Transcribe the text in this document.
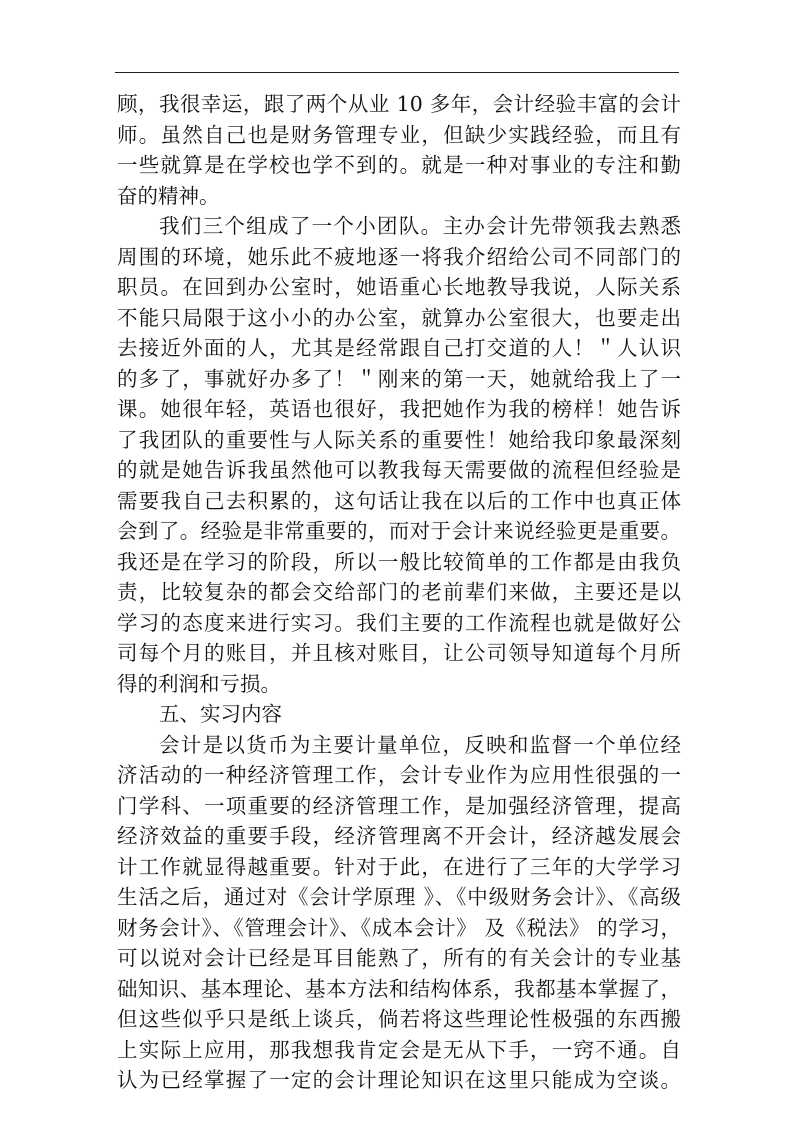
顾，我很幸运，跟了两个从业 10 多年，会计经验丰富的会计
师。虽然自己也是财务管理专业，但缺少实践经验，而且有
一些就算是在学校也学不到的。就是一种对事业的专注和勤
奋的精神。
我们三个组成了一个小团队。主办会计先带领我去熟悉
周围的环境，她乐此不疲地逐一将我介绍给公司不同部门的
职员。在回到办公室时，她语重心长地教导我说，人际关系
不能只局限于这小小的办公室，就算办公室很大，也要走出
去接近外面的人，尤其是经常跟自己打交道的人！＂人认识
的多了，事就好办多了！＂刚来的第一天，她就给我上了一
课。她很年轻，英语也很好，我把她作为我的榜样！她告诉
了我团队的重要性与人际关系的重要性！她给我印象最深刻
的就是她告诉我虽然他可以教我每天需要做的流程但经验是
需要我自己去积累的，这句话让我在以后的工作中也真正体
会到了。经验是非常重要的，而对于会计来说经验更是重要。
我还是在学习的阶段，所以一般比较简单的工作都是由我负
责，比较复杂的都会交给部门的老前辈们来做，主要还是以
学习的态度来进行实习。我们主要的工作流程也就是做好公
司每个月的账目，并且核对账目，让公司领导知道每个月所
得的利润和亏损。
五、实习内容
会计是以货币为主要计量单位，反映和监督一个单位经
济活动的一种经济管理工作，会计专业作为应用性很强的一
门学科、一项重要的经济管理工作，是加强经济管理，提高
经济效益的重要手段，经济管理离不开会计，经济越发展会
计工作就显得越重要。针对于此，在进行了三年的大学学习
生活之后，通过对《会计学原理 》、《中级财务会计》、《高级
财务会计》、《管理会计》、《成本会计》 及《税法》 的学习，
可以说对会计已经是耳目能熟了，所有的有关会计的专业基
础知识、基本理论、基本方法和结构体系，我都基本掌握了，
但这些似乎只是纸上谈兵，倘若将这些理论性极强的东西搬
上实际上应用，那我想我肯定会是无从下手，一窍不通。自
认为已经掌握了一定的会计理论知识在这里只能成为空谈。
